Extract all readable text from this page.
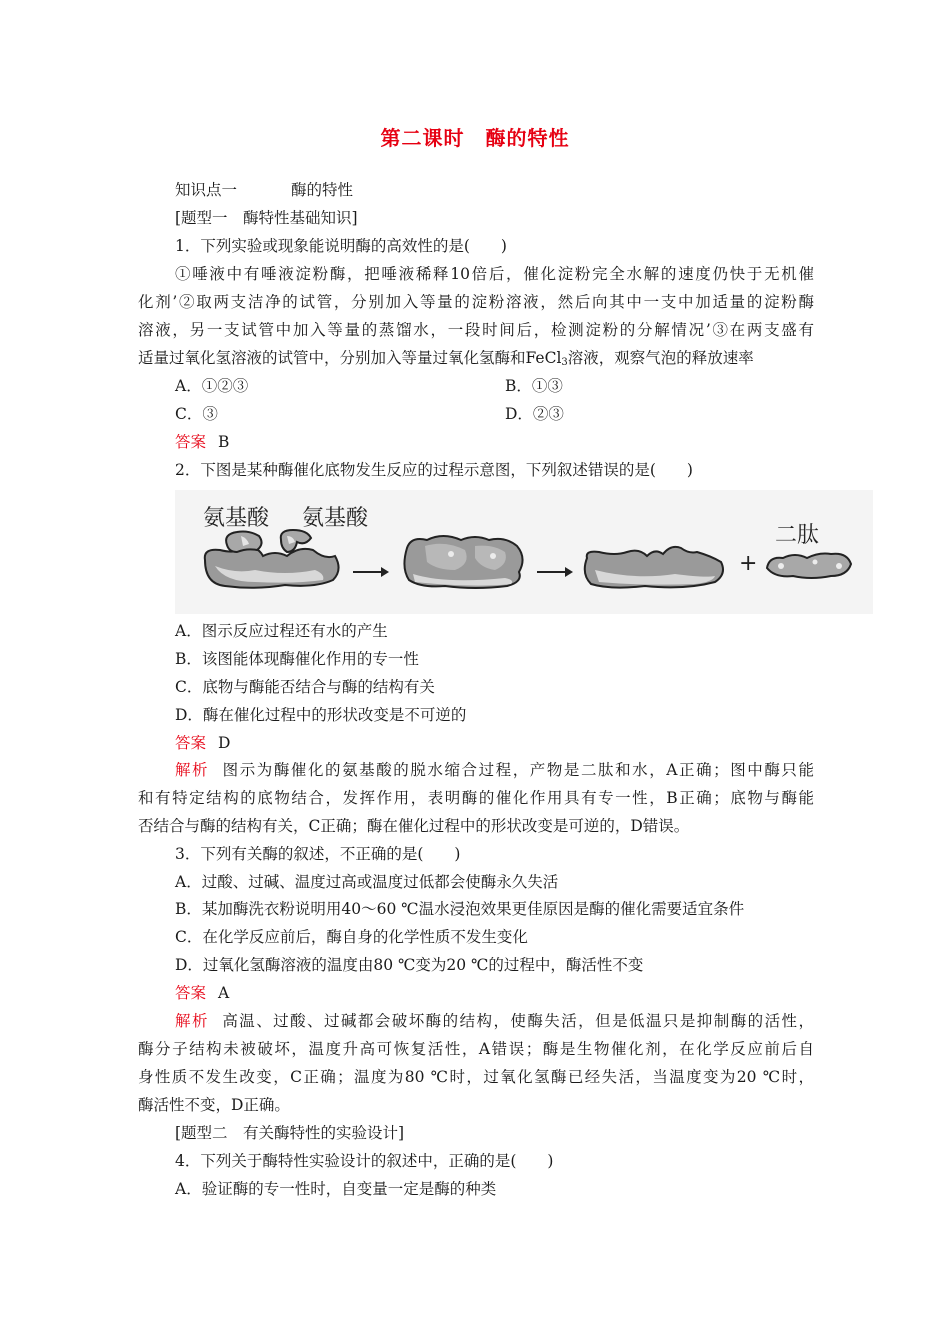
第二课时　酶的特性
知识点一	酶的特性
[题型一　酶特性基础知识]
1．下列实验或现象能说明酶的高效性的是(　　)
①唾液中有唾液淀粉酶，把唾液稀释10倍后，催化淀粉完全水解的速度仍快于无机催
化剂’②取两支洁净的试管，分别加入等量的淀粉溶液，然后向其中一支中加适量的淀粉酶
溶液，另一支试管中加入等量的蒸馏水，一段时间后，检测淀粉的分解情况’③在两支盛有
适量过氧化氢溶液的试管中，分别加入等量过氧化氢酶和FeCl$_3$溶液，观察气泡的释放速率
A．①②③	B．①③
C．③	D．②③
答案 B
2．下图是某种酶催化底物发生反应的过程示意图，下列叙述错误的是(　　)
氨基酸 氨基酸
二肽
+
A．图示反应过程还有水的产生
B．该图能体现酶催化作用的专一性
C．底物与酶能否结合与酶的结构有关
D．酶在催化过程中的形状改变是不可逆的
答案 D
解析 图示为酶催化的氨基酸的脱水缩合过程，产物是二肽和水，A正确；图中酶只能
和有特定结构的底物结合，发挥作用，表明酶的催化作用具有专一性，B正确；底物与酶能
否结合与酶的结构有关，C正确；酶在催化过程中的形状改变是可逆的，D错误。
3．下列有关酶的叙述，不正确的是(　　)
A．过酸、过碱、温度过高或温度过低都会使酶永久失活
B．某加酶洗衣粉说明用40～60 ℃温水浸泡效果更佳原因是酶的催化需要适宜条件
C．在化学反应前后，酶自身的化学性质不发生变化
D．过氧化氢酶溶液的温度由80 ℃变为20 ℃的过程中，酶活性不变
答案 A
解析 高温、过酸、过碱都会破坏酶的结构，使酶失活，但是低温只是抑制酶的活性，
酶分子结构未被破坏，温度升高可恢复活性，A错误；酶是生物催化剂，在化学反应前后自
身性质不发生改变，C正确；温度为80 ℃时，过氧化氢酶已经失活，当温度变为20 ℃时，
酶活性不变，D正确。
[题型二　有关酶特性的实验设计]
4．下列关于酶特性实验设计的叙述中，正确的是(　　)
A．验证酶的专一性时，自变量一定是酶的种类
